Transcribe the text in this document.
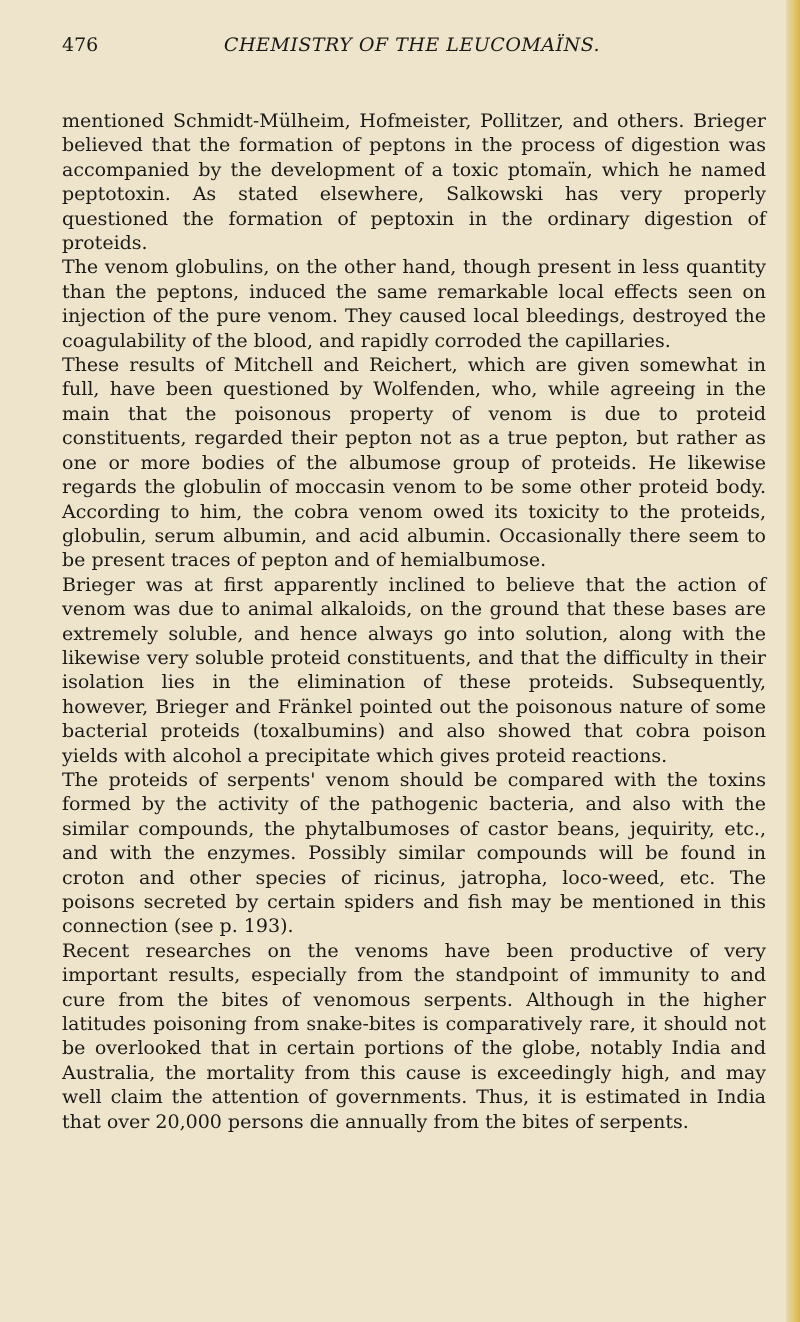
476	CHEMISTRY OF THE LEUCOMAÏNS.

mentioned Schmidt-Mülheim, Hofmeister, Pollitzer, and others. Brieger believed that the formation of peptons in the process of digestion was accompanied by the development of a toxic ptomaïn, which he named peptotoxin. As stated elsewhere, Salkowski has very properly questioned the formation of peptoxin in the ordinary digestion of proteids.

The venom globulins, on the other hand, though present in less quantity than the peptons, induced the same remarkable local effects seen on injection of the pure venom. They caused local bleedings, destroyed the coagulability of the blood, and rapidly corroded the capillaries.

These results of Mitchell and Reichert, which are given somewhat in full, have been questioned by Wolfenden, who, while agreeing in the main that the poisonous property of venom is due to proteid constituents, regarded their pepton not as a true pepton, but rather as one or more bodies of the albumose group of proteids. He likewise regards the globulin of moccasin venom to be some other proteid body. According to him, the cobra venom owed its toxicity to the proteids, globulin, serum albumin, and acid albumin. Occasionally there seem to be present traces of pepton and of hemialbumose.

Brieger was at first apparently inclined to believe that the action of venom was due to animal alkaloids, on the ground that these bases are extremely soluble, and hence always go into solution, along with the likewise very soluble proteid constituents, and that the difficulty in their isolation lies in the elimination of these proteids. Subsequently, however, Brieger and Fränkel pointed out the poisonous nature of some bacterial proteids (toxalbumins) and also showed that cobra poison yields with alcohol a precipitate which gives proteid reactions.

The proteids of serpents' venom should be compared with the toxins formed by the activity of the pathogenic bacteria, and also with the similar compounds, the phytalbumoses of castor beans, jequirity, etc., and with the enzymes. Possibly similar compounds will be found in croton and other species of ricinus, jatropha, loco-weed, etc. The poisons secreted by certain spiders and fish may be mentioned in this connection (see p. 193).

Recent researches on the venoms have been productive of very important results, especially from the standpoint of immunity to and cure from the bites of venomous serpents. Although in the higher latitudes poisoning from snake-bites is comparatively rare, it should not be overlooked that in certain portions of the globe, notably India and Australia, the mortality from this cause is exceedingly high, and may well claim the attention of governments. Thus, it is estimated in India that over 20,000 persons die annually from the bites of serpents.
